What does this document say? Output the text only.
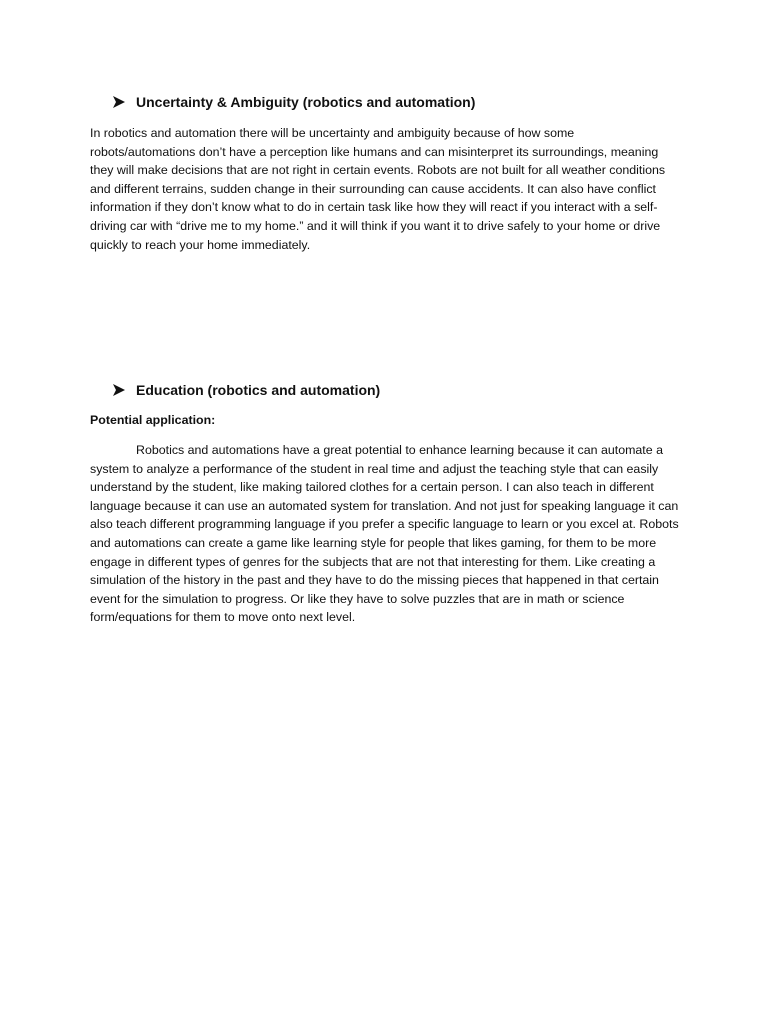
Uncertainty & Ambiguity (robotics and automation)

In robotics and automation there will be uncertainty and ambiguity because of how some robots/automations don’t have a perception like humans and can misinterpret its surroundings, meaning they will make decisions that are not right in certain events. Robots are not built for all weather conditions and different terrains, sudden change in their surrounding can cause accidents. It can also have conflict information if they don’t know what to do in certain task like how they will react if you interact with a self-driving car with “drive me to my home.” and it will think if you want it to drive safely to your home or drive quickly to reach your home immediately.

Education (robotics and automation)

Potential application:

Robotics and automations have a great potential to enhance learning because it can automate a system to analyze a performance of the student in real time and adjust the teaching style that can easily understand by the student, like making tailored clothes for a certain person. I can also teach in different language because it can use an automated system for translation. And not just for speaking language it can also teach different programming language if you prefer a specific language to learn or you excel at. Robots and automations can create a game like learning style for people that likes gaming, for them to be more engage in different types of genres for the subjects that are not that interesting for them. Like creating a simulation of the history in the past and they have to do the missing pieces that happened in that certain event for the simulation to progress. Or like they have to solve puzzles that are in math or science form/equations for them to move onto next level.
